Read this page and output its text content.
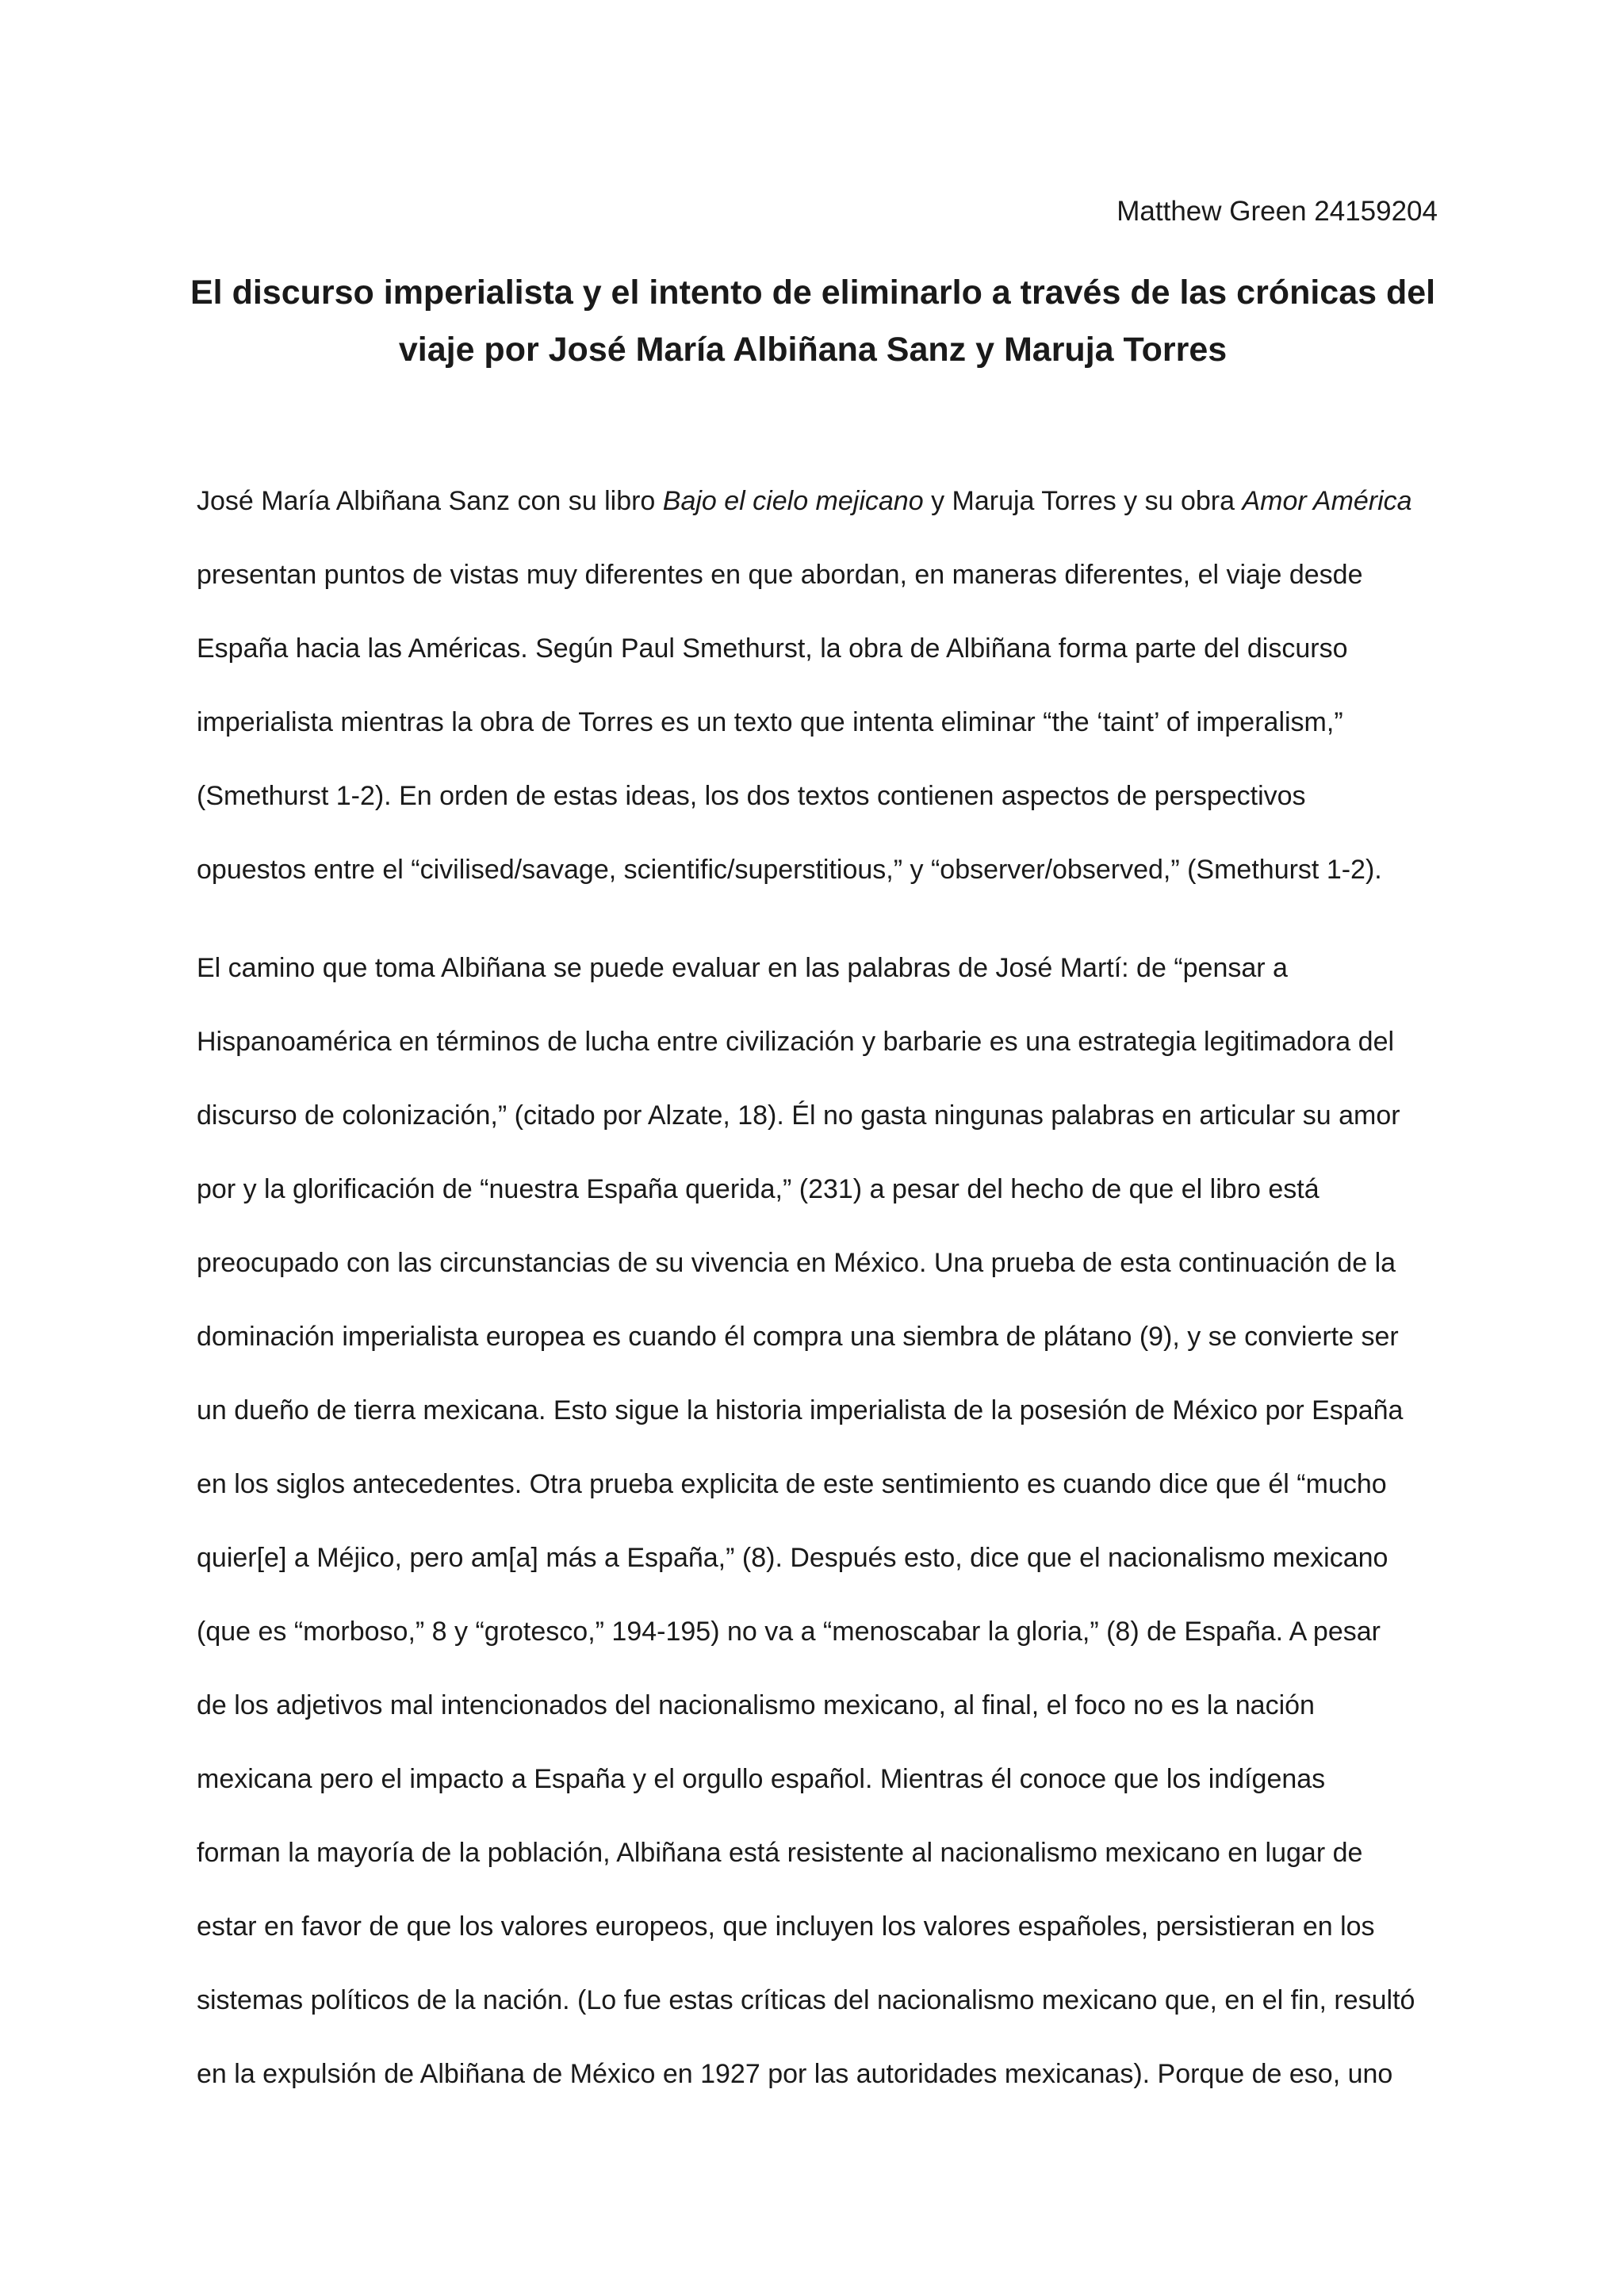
Matthew Green 24159204
El discurso imperialista y el intento de eliminarlo a través de las crónicas del
viaje por José María Albiñana Sanz y Maruja Torres
José María Albiñana Sanz con su libro Bajo el cielo mejicano y Maruja Torres y su obra Amor América
presentan puntos de vistas muy diferentes en que abordan, en maneras diferentes, el viaje desde
España hacia las Américas. Según Paul Smethurst, la obra de Albiñana forma parte del discurso
imperialista mientras la obra de Torres es un texto que intenta eliminar “the ‘taint’ of imperalism,”
(Smethurst 1-2). En orden de estas ideas, los dos textos contienen aspectos de perspectivos
opuestos entre el “civilised/savage, scientific/superstitious,” y “observer/observed,” (Smethurst 1-2).
El camino que toma Albiñana se puede evaluar en las palabras de José Martí: de “pensar a
Hispanoamérica en términos de lucha entre civilización y barbarie es una estrategia legitimadora del
discurso de colonización,” (citado por Alzate, 18). Él no gasta ningunas palabras en articular su amor
por y la glorificación de “nuestra España querida,” (231) a pesar del hecho de que el libro está
preocupado con las circunstancias de su vivencia en México. Una prueba de esta continuación de la
dominación imperialista europea es cuando él compra una siembra de plátano (9), y se convierte ser
un dueño de tierra mexicana. Esto sigue la historia imperialista de la posesión de México por España
en los siglos antecedentes. Otra prueba explicita de este sentimiento es cuando dice que él “mucho
quier[e] a Méjico, pero am[a] más a España,” (8). Después esto, dice que el nacionalismo mexicano
(que es “morboso,” 8 y “grotesco,” 194-195) no va a “menoscabar la gloria,” (8) de España. A pesar
de los adjetivos mal intencionados del nacionalismo mexicano, al final, el foco no es la nación
mexicana pero el impacto a España y el orgullo español. Mientras él conoce que los indígenas
forman la mayoría de la población, Albiñana está resistente al nacionalismo mexicano en lugar de
estar en favor de que los valores europeos, que incluyen los valores españoles, persistieran en los
sistemas políticos de la nación. (Lo fue estas críticas del nacionalismo mexicano que, en el fin, resultó
en la expulsión de Albiñana de México en 1927 por las autoridades mexicanas). Porque de eso, uno
